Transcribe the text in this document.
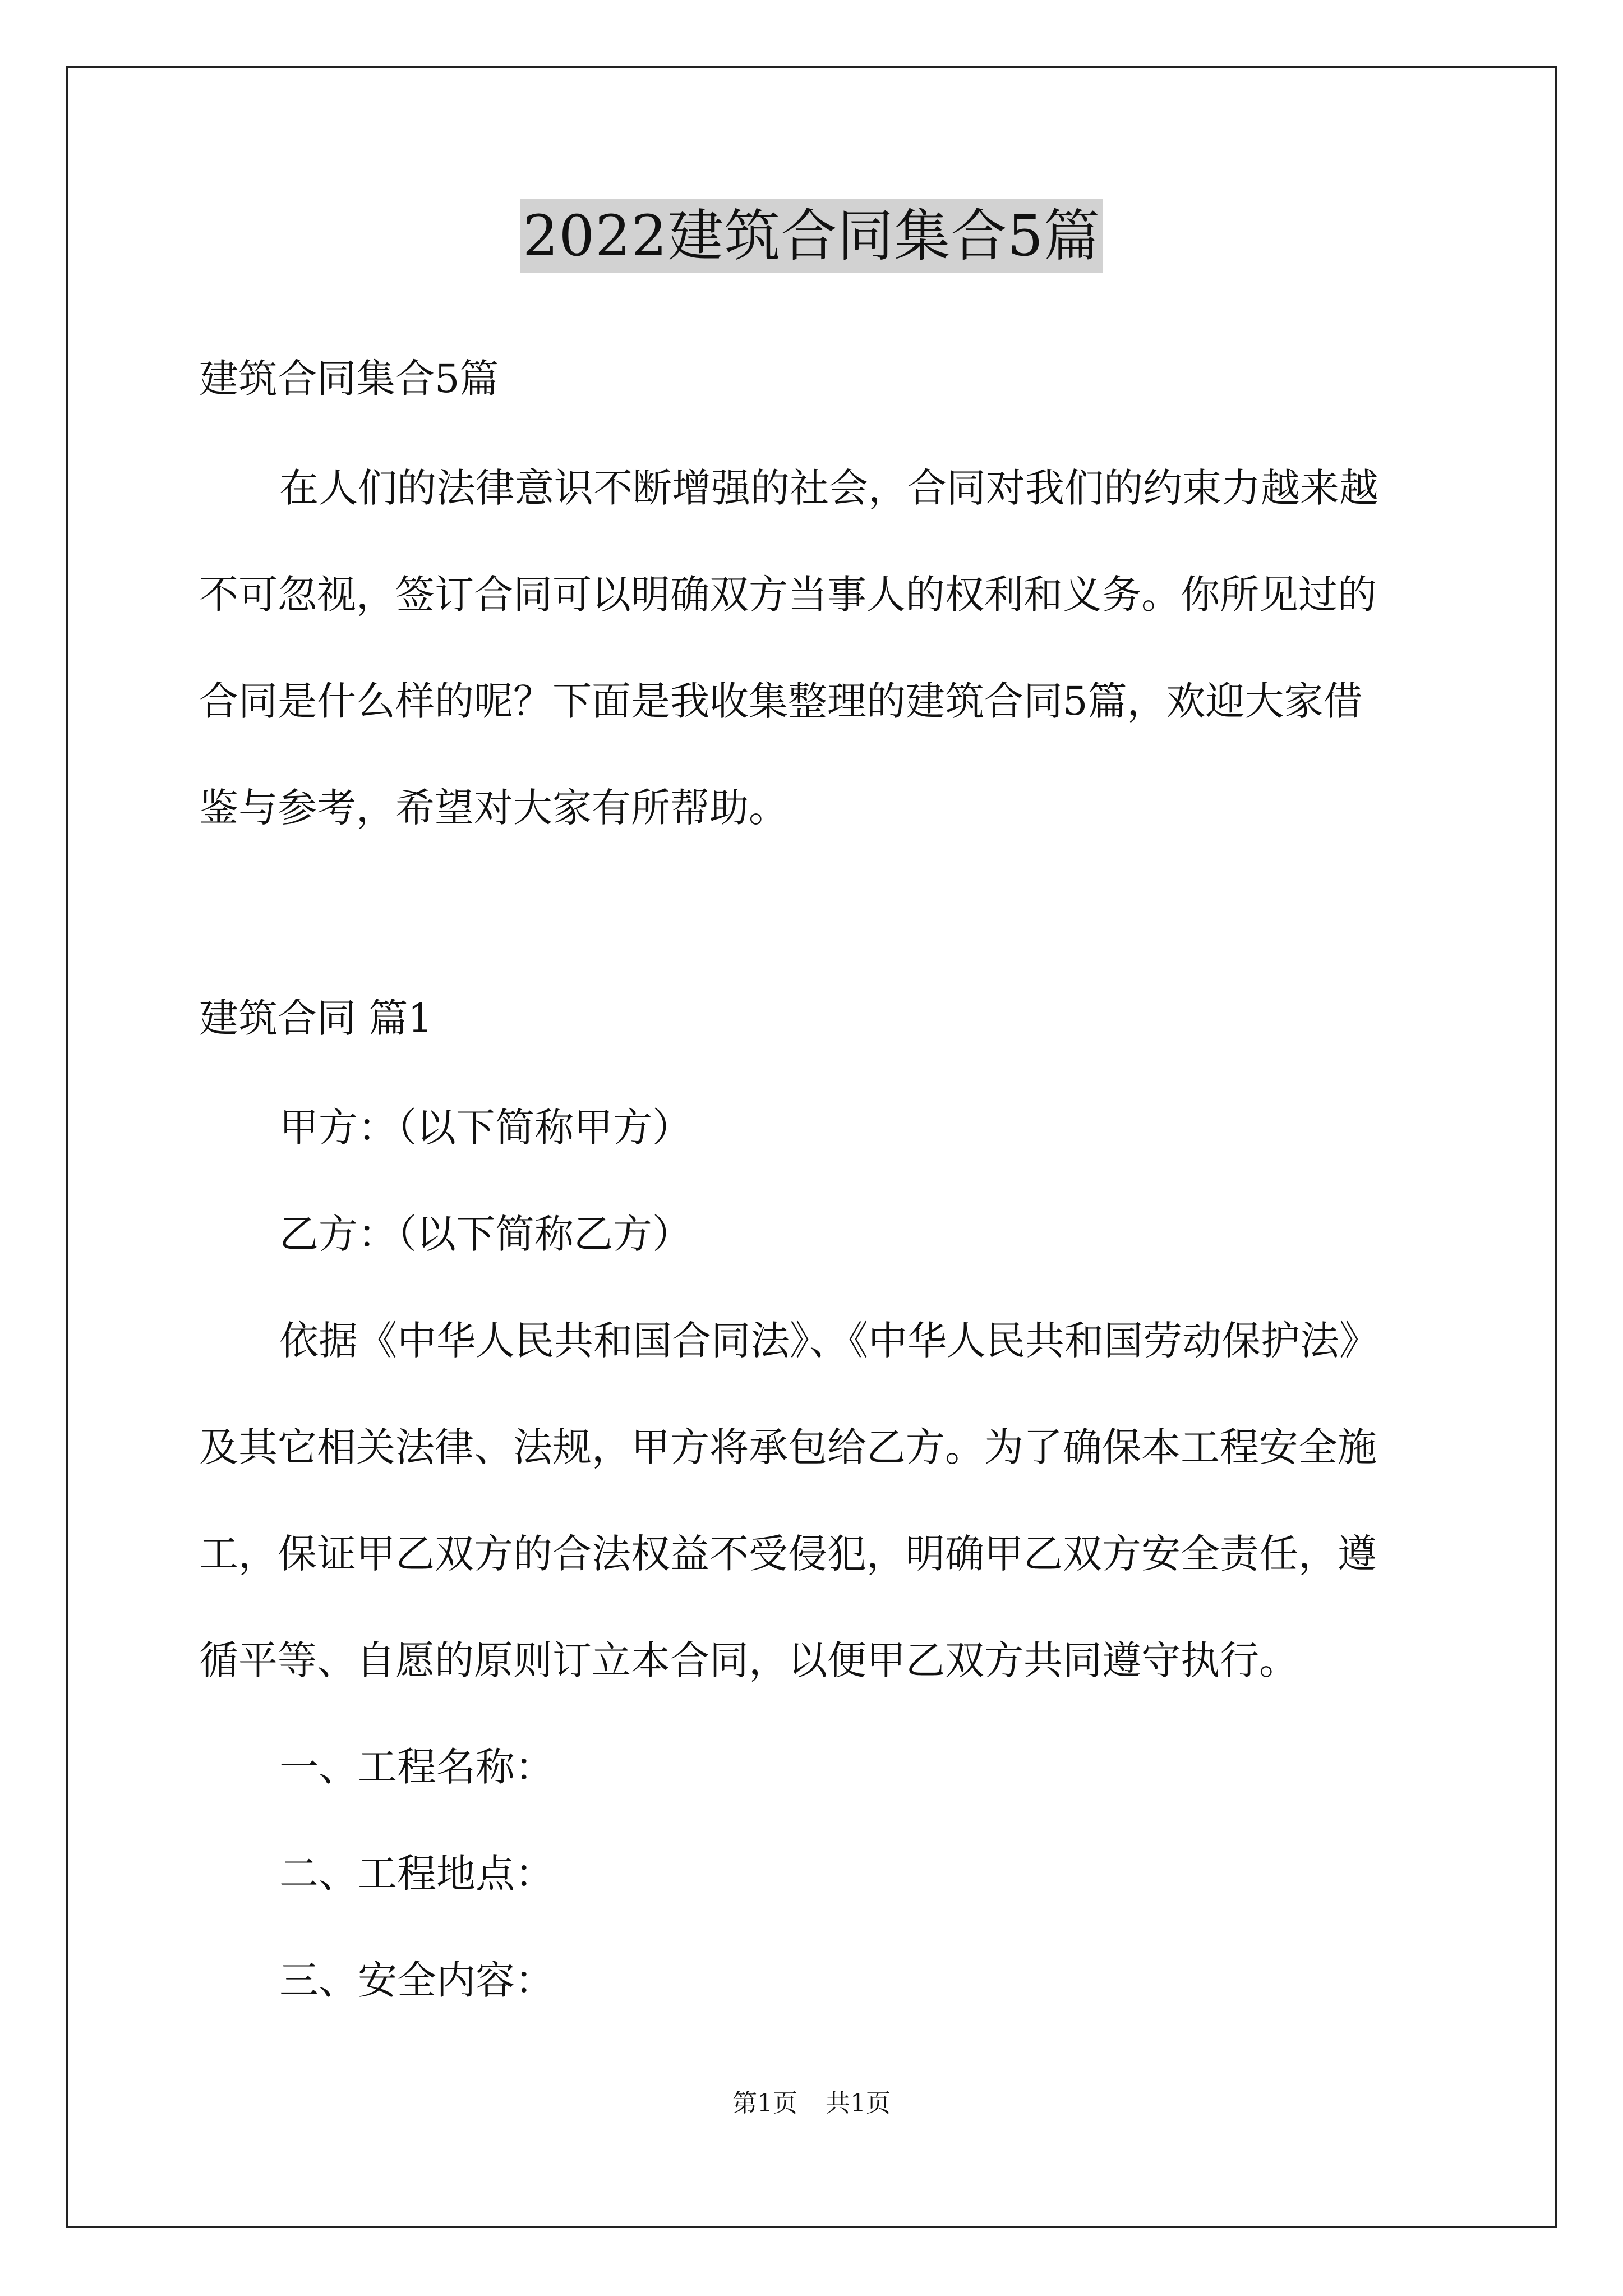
2022建筑合同集合5篇
建筑合同集合5篇
在人们的法律意识不断增强的社会，合同对我们的约束力越来越
不可忽视，签订合同可以明确双方当事人的权利和义务。你所见过的
合同是什么样的呢？下面是我收集整理的建筑合同5篇，欢迎大家借
鉴与参考，希望对大家有所帮助。
建筑合同 篇1
甲方：（以下简称甲方）
乙方：（以下简称乙方）
依据《中华人民共和国合同法》、《中华人民共和国劳动保护法》
及其它相关法律、法规，甲方将承包给乙方。为了确保本工程安全施
工，保证甲乙双方的合法权益不受侵犯，明确甲乙双方安全责任，遵
循平等、自愿的原则订立本合同，以便甲乙双方共同遵守执行。
一、工程名称：
二、工程地点：
三、安全内容：
第1页 共1页
